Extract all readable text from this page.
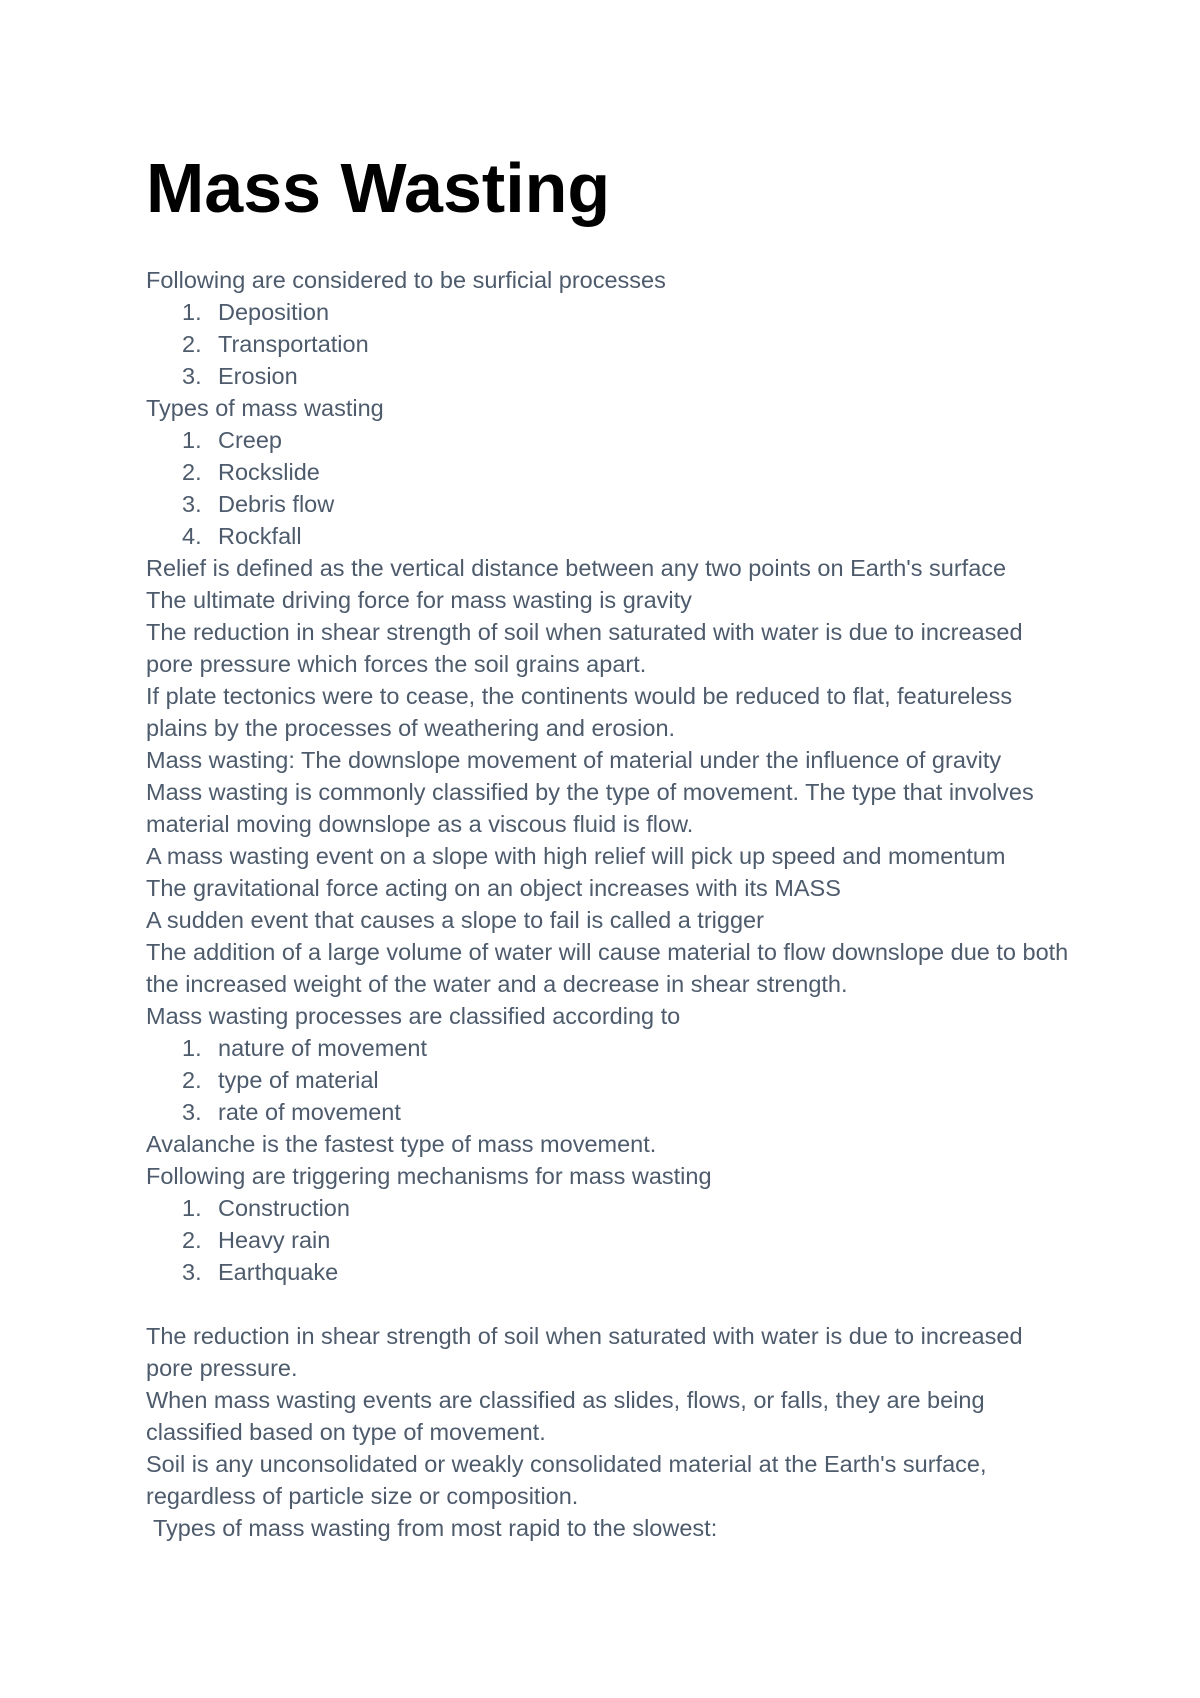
Mass Wasting

Following are considered to be surficial processes

1. Deposition
2. Transportation
3. Erosion

Types of mass wasting

1. Creep
2. Rockslide
3. Debris flow
4. Rockfall

Relief is defined as the vertical distance between any two points on Earth's surface

The ultimate driving force for mass wasting is gravity

The reduction in shear strength of soil when saturated with water is due to increased pore pressure which forces the soil grains apart.

If plate tectonics were to cease, the continents would be reduced to flat, featureless plains by the processes of weathering and erosion.

Mass wasting: The downslope movement of material under the influence of gravity

Mass wasting is commonly classified by the type of movement. The type that involves material moving downslope as a viscous fluid is flow.

A mass wasting event on a slope with high relief will pick up speed and momentum

The gravitational force acting on an object increases with its MASS

A sudden event that causes a slope to fail is called a trigger

The addition of a large volume of water will cause material to flow downslope due to both the increased weight of the water and a decrease in shear strength.

Mass wasting processes are classified according to

1. nature of movement
2. type of material
3. rate of movement

Avalanche is the fastest type of mass movement.

Following are triggering mechanisms for mass wasting

1. Construction
2. Heavy rain
3. Earthquake

The reduction in shear strength of soil when saturated with water is due to increased pore pressure.

When mass wasting events are classified as slides, flows, or falls, they are being classified based on type of movement.

Soil is any unconsolidated or weakly consolidated material at the Earth's surface, regardless of particle size or composition.

Types of mass wasting from most rapid to the slowest:
